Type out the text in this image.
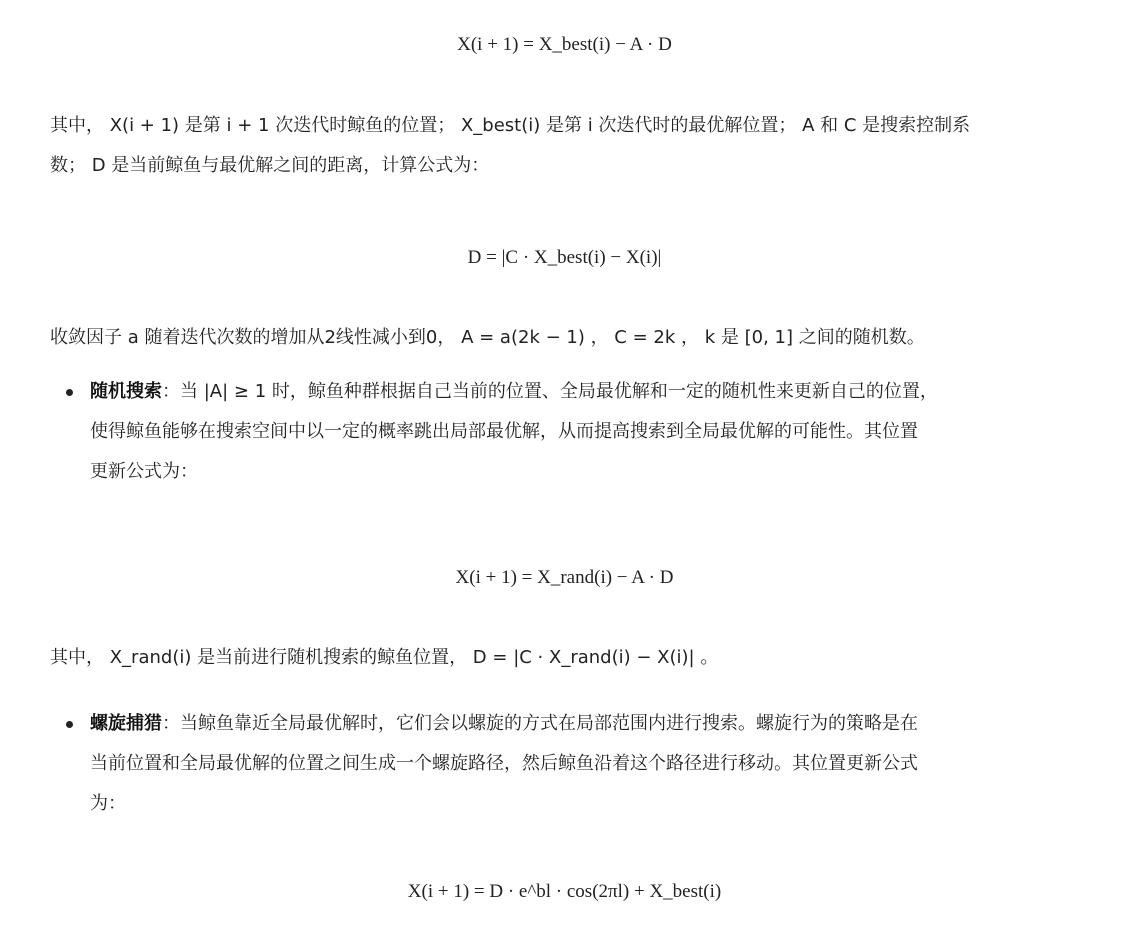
X(i + 1) = X_best(i) − A · D
其中， X(i + 1) 是第 i + 1 次迭代时鲸鱼的位置； X_best(i) 是第 i 次迭代时的最优解位置； A 和 C 是搜索控制系
数； D 是当前鲸鱼与最优解之间的距离，计算公式为：
D = |C · X_best(i) − X(i)|
收敛因子 a 随着迭代次数的增加从2线性减小到0， A = a(2k − 1) ， C = 2k ， k 是 [0, 1] 之间的随机数。
随机搜索：当 |A| ≥ 1 时，鲸鱼种群根据自己当前的位置、全局最优解和一定的随机性来更新自己的位置，
使得鲸鱼能够在搜索空间中以一定的概率跳出局部最优解，从而提高搜索到全局最优解的可能性。其位置
更新公式为：
X(i + 1) = X_rand(i) − A · D
其中， X_rand(i) 是当前进行随机搜索的鲸鱼位置， D = |C · X_rand(i) − X(i)| 。
螺旋捕猎：当鲸鱼靠近全局最优解时，它们会以螺旋的方式在局部范围内进行搜索。螺旋行为的策略是在
当前位置和全局最优解的位置之间生成一个螺旋路径，然后鲸鱼沿着这个路径进行移动。其位置更新公式
为：
X(i + 1) = D · e^bl · cos(2πl) + X_best(i)
